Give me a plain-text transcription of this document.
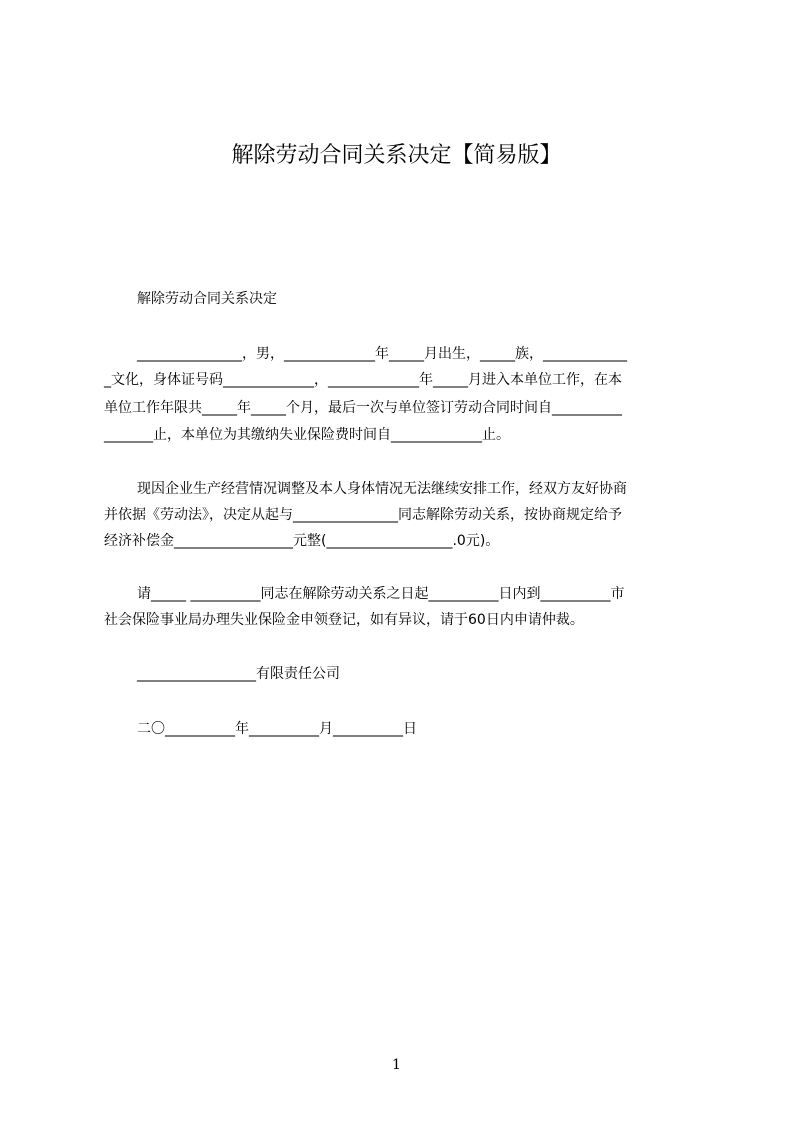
解除劳动合同关系决定【简易版】
解除劳动合同关系决定
_______________，男，_____________年_____月出生，_____族，____________
_文化，身体证号码_____________，_____________年_____月进入本单位工作，在本
单位工作年限共_____年_____个月，最后一次与单位签订劳动合同时间自__________
_______止，本单位为其缴纳失业保险费时间自_____________止。
现因企业生产经营情况调整及本人身体情况无法继续安排工作，经双方友好协商
并依据《劳动法》，决定从起与_______________同志解除劳动关系，按协商规定给予
经济补偿金_________________元整(__________________.0元)。
请_____ __________同志在解除劳动关系之日起__________日内到__________市
社会保险事业局办理失业保险金申领登记，如有异议，请于60日内申请仲裁。
_________________有限责任公司
二〇__________年__________月__________日
1
